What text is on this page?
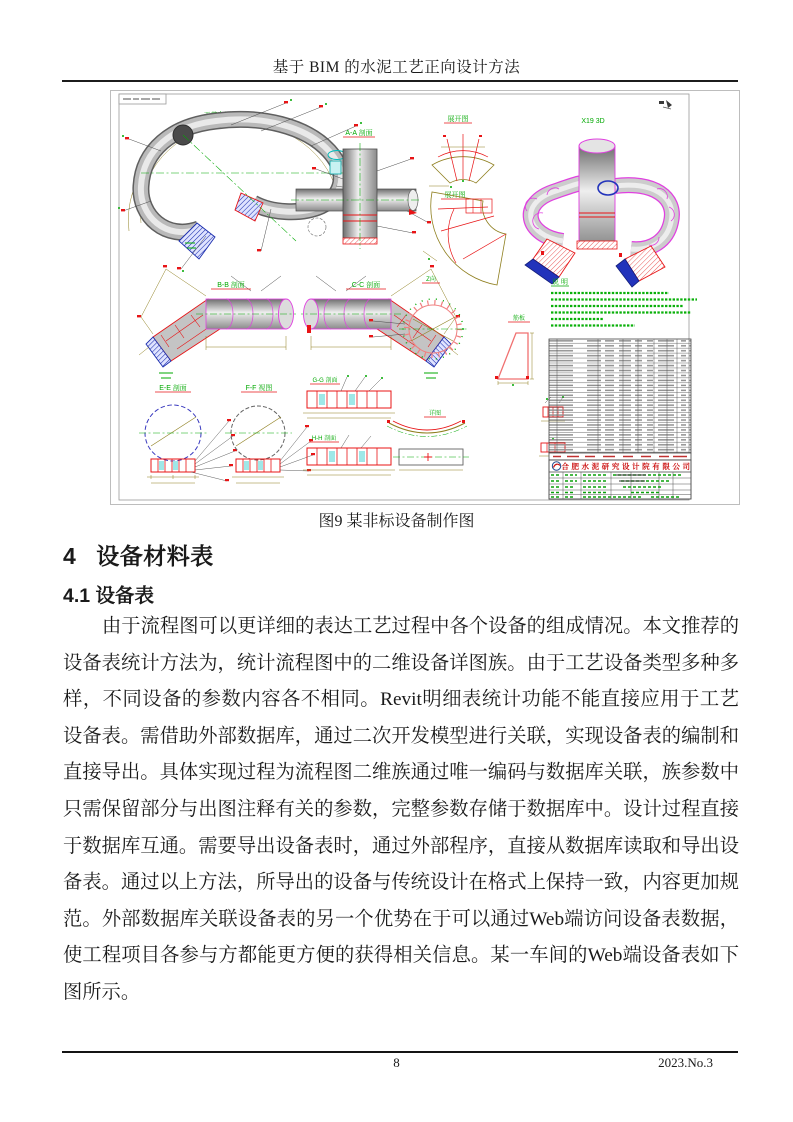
基于 BIM 的水泥工艺正向设计方法
工艺布置图
A-A 剖面
展开图
展开图
X19 3D
B-B 剖面	C-C 剖面
Z向
筋板
E-E 剖面	F-F 视图
G-G 剖面
H-H 剖面
详图
说 明
合肥水泥研究设计院有限公司
图9 某非标设备制作图
4 设备材料表
4.1 设备表
由于流程图可以更详细的表达工艺过程中各个设备的组成情况。本文推荐的设备表统计方法为，统计流程图中的二维设备详图族。由于工艺设备类型多种多样，不同设备的参数内容各不相同。Revit明细表统计功能不能直接应用于工艺设备表。需借助外部数据库，通过二次开发模型进行关联，实现设备表的编制和直接导出。具体实现过程为流程图二维族通过唯一编码与数据库关联，族参数中只需保留部分与出图注释有关的参数，完整参数存储于数据库中。设计过程直接于数据库互通。需要导出设备表时，通过外部程序，直接从数据库读取和导出设备表。通过以上方法，所导出的设备与传统设计在格式上保持一致，内容更加规范。外部数据库关联设备表的另一个优势在于可以通过Web端访问设备表数据，使工程项目各参与方都能更方便的获得相关信息。某一车间的Web端设备表如下图所示。
8	2023.No.3
